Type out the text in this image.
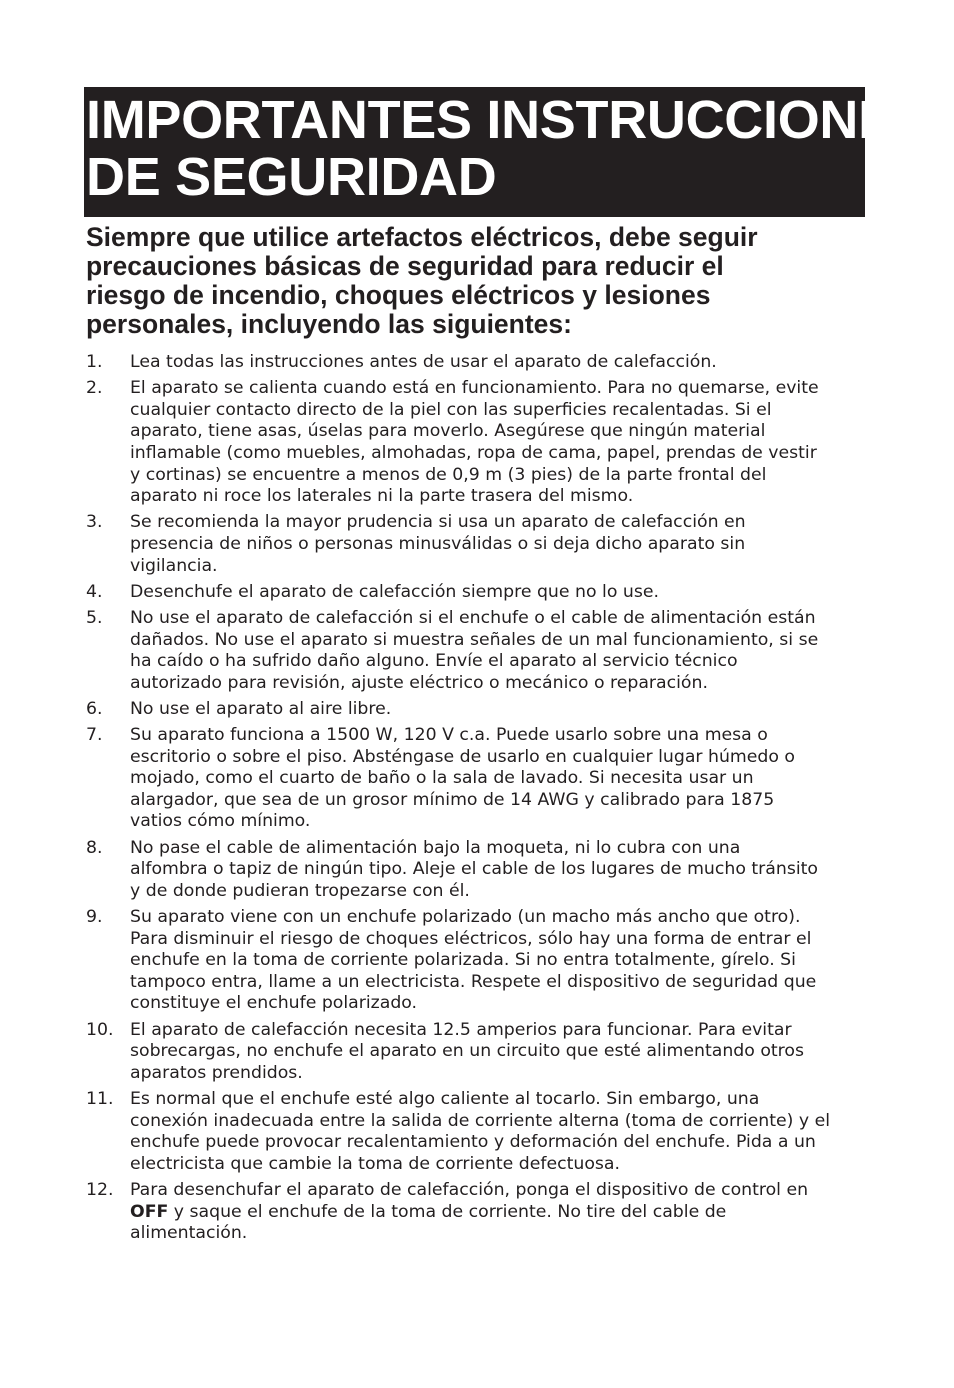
IMPORTANTES INSTRUCCIONES
DE SEGURIDAD
Siempre que utilice artefactos eléctricos, debe seguir
precauciones básicas de seguridad para reducir el
riesgo de incendio, choques eléctricos y lesiones
personales, incluyendo las siguientes:
1.	Lea todas las instrucciones antes de usar el aparato de calefacción.
2.	El aparato se calienta cuando está en funcionamiento. Para no quemarse, evite
cualquier contacto directo de la piel con las superficies recalentadas. Si el
aparato, tiene asas, úselas para moverlo. Asegúrese que ningún material
inflamable (como muebles, almohadas, ropa de cama, papel, prendas de vestir
y cortinas) se encuentre a menos de 0,9 m (3 pies) de la parte frontal del
aparato ni roce los laterales ni la parte trasera del mismo.
3.	Se recomienda la mayor prudencia si usa un aparato de calefacción en
presencia de niños o personas minusválidas o si deja dicho aparato sin
vigilancia.
4.	Desenchufe el aparato de calefacción siempre que no lo use.
5.	No use el aparato de calefacción si el enchufe o el cable de alimentación están
dañados. No use el aparato si muestra señales de un mal funcionamiento, si se
ha caído o ha sufrido daño alguno. Envíe el aparato al servicio técnico
autorizado para revisión, ajuste eléctrico o mecánico o reparación.
6.	No use el aparato al aire libre.
7.	Su aparato funciona a 1500 W, 120 V c.a. Puede usarlo sobre una mesa o
escritorio o sobre el piso. Absténgase de usarlo en cualquier lugar húmedo o
mojado, como el cuarto de baño o la sala de lavado. Si necesita usar un
alargador, que sea de un grosor mínimo de 14 AWG y calibrado para 1875
vatios cómo mínimo.
8.	No pase el cable de alimentación bajo la moqueta, ni lo cubra con una
alfombra o tapiz de ningún tipo. Aleje el cable de los lugares de mucho tránsito
y de donde pudieran tropezarse con él.
9.	Su aparato viene con un enchufe polarizado (un macho más ancho que otro).
Para disminuir el riesgo de choques eléctricos, sólo hay una forma de entrar el
enchufe en la toma de corriente polarizada. Si no entra totalmente, gírelo. Si
tampoco entra, llame a un electricista. Respete el dispositivo de seguridad que
constituye el enchufe polarizado.
10. El aparato de calefacción necesita 12.5 amperios para funcionar. Para evitar
sobrecargas, no enchufe el aparato en un circuito que esté alimentando otros
aparatos prendidos.
11. Es normal que el enchufe esté algo caliente al tocarlo. Sin embargo, una
conexión inadecuada entre la salida de corriente alterna (toma de corriente) y el
enchufe puede provocar recalentamiento y deformación del enchufe. Pida a un
electricista que cambie la toma de corriente defectuosa.
12. Para desenchufar el aparato de calefacción, ponga el dispositivo de control en
OFF y saque el enchufe de la toma de corriente. No tire del cable de
alimentación.
